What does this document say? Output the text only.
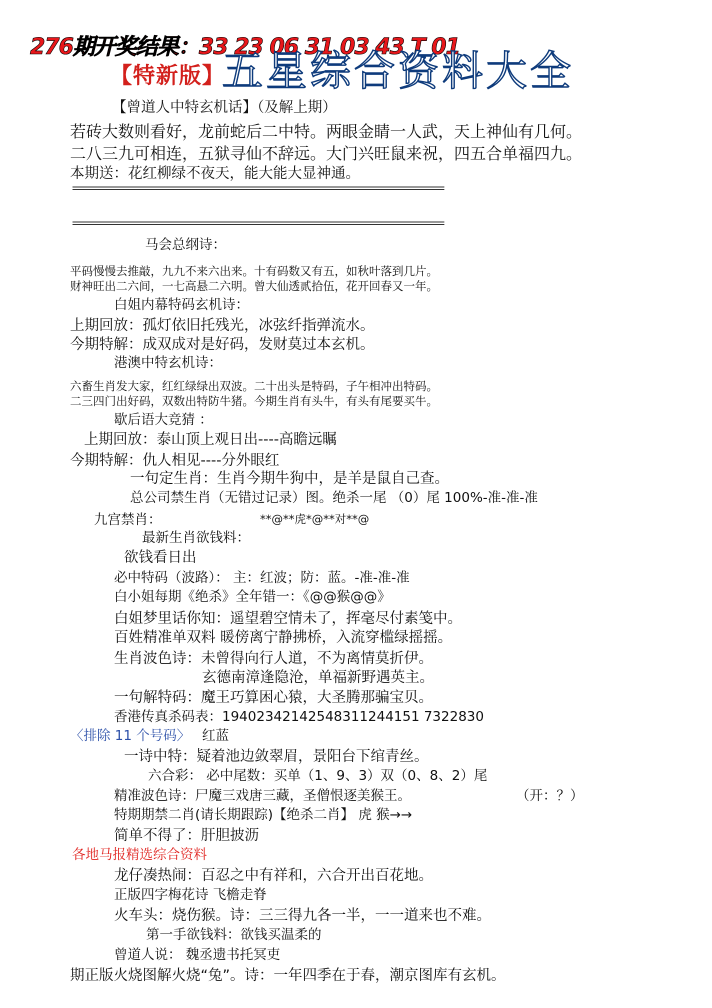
276期开奖结果：33 23 06 31 03 43 T 01
【特新版】
五星综合资料大全
【曾道人中特玄机话】（及解上期）
若砖大数则看好，龙前蛇后二中特。两眼金睛一人武，天上神仙有几何。
二八三九可相连，五狱寻仙不辞远。大门兴旺鼠来祝，四五合单福四九。
本期送：花红柳绿不夜天，能大能大显神通。
==================================================================
==================================================================
马会总纲诗：
平码慢慢去推敲，九九不来六出来。十有码数又有五，如秋叶落到几片。
财神旺出二六间，一七高悬二六明。曾大仙透贰拾伍，花开回春又一年。
白姐内幕特码玄机诗：
上期回放：孤灯依旧托残光，冰弦纤指弹流水。
今期特解：成双成对是好码，发财莫过本玄机。
港澳中特玄机诗：
六畜生肖发大家，红红绿绿出双波。二十出头是特码，子午相冲出特码。
二三四门出好码，双数出特防牛猪。今期生肖有头牛，有头有尾要买牛。
歇后语大竞猜 ：
上期回放：泰山顶上观日出----高瞻远瞩
今期特解：仇人相见----分外眼红
一句定生肖：生肖今期牛狗中，是羊是鼠自己查。
总公司禁生肖（无错过记录）图。绝杀一尾 （0）尾 100%-准-准-准
九宫禁肖：	**@**虎*@**对**@
最新生肖欲钱料：
欲钱看日出
必中特码（波路）： 主：红波；防：蓝。-准-准-准
白小姐每期《绝杀》全年错一：《@@猴@@》
白姐梦里话你知：遥望碧空情未了，挥毫尽付素笺中。
百姓精准单双料 暖傍离宁静拂桥，入流穿槛绿摇摇。
生肖波色诗：未曾得向行人道，不为离情莫折伊。
玄德南漳逢隐沧，单福新野遇英主。
一句解特码：魔王巧算困心猿，大圣腾那骗宝贝。
香港传真杀码表：19402342142548311244151 7322830
〈排除 11 个号码〉 红蓝
一诗中特：疑着池边敛翠眉，景阳台下绾青丝。
六合彩： 必中尾数：买单（1、9、3）双（0、8、2）尾
精准波色诗：尸魔三戏唐三藏，圣僧恨逐美猴王。	（开：？）
特期期禁二肖(请长期跟踪)【绝杀二肖】 虎 猴→→
简单不得了：肝胆披沥
各地马报精选综合资料
龙仔凑热闹：百忍之中有祥和，六合开出百花地。
正版四字梅花诗 飞檐走脊
火车头：烧伤猴。诗：三三得九各一半，一一道来也不难。
第一手欲钱料：欲钱买温柔的
曾道人说： 魏丞遗书托冥吏
期正版火烧图解火烧“兔”。诗：一年四季在于春，潮京图库有玄机。
